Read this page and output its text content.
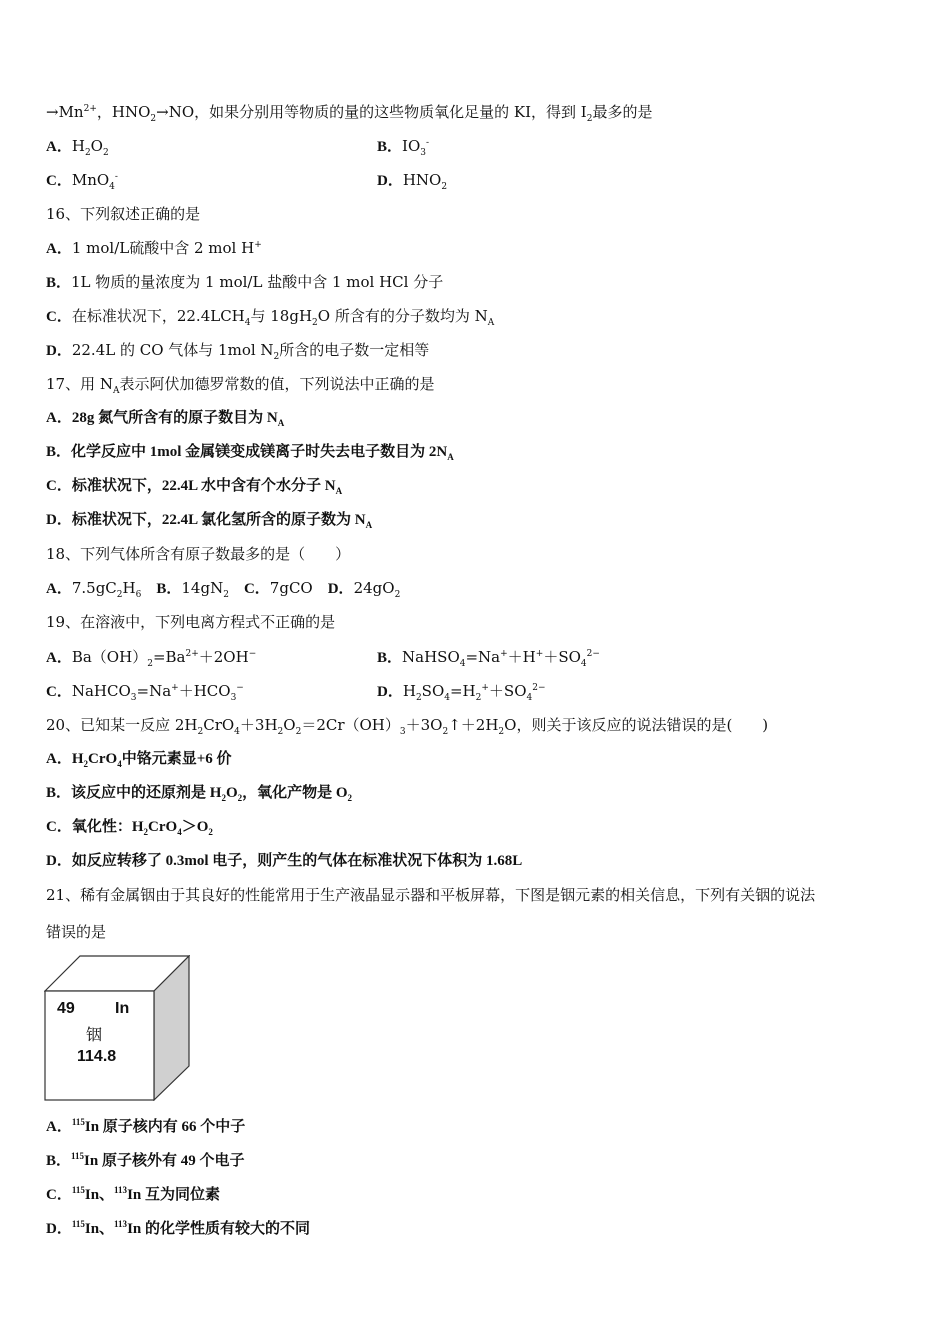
$\to Mn^{2+}$，$HNO_2\to NO$，如果分别用等物质的量的这些物质氧化足量的 KI，得到 $I_2$最多的是
A．$H_2O_2$	B．$IO_3^-$
C．MnO$_4$-	D．$HNO_2$
16、下列叙述正确的是
A．1 mol/L硫酸中含 2 mol H+
B．1L 物质的量浓度为 1 mol/L 盐酸中含 1 mol HCl 分子
C．在标准状况下，$22.4LCH_4$与 $18gH_2O$ 所含有的分子数均为 $N_A$
D．22.4L 的 CO 气体与 1mol $N_2$所含的电子数一定相等
17、用 $N_A$表示阿伏加德罗常数的值，下列说法中正确的是
A．28g 氮气所含有的原子数目为 $N_A$
B．化学反应中 1mol 金属镁变成镁离子时失去电子数目为 $2N_A$
C．标准状况下，22.4L 水中含有个水分子 $N_A$
D．标准状况下，22.4L 氯化氢所含的原子数为 $N_A$
18、下列气体所含有原子数最多的是（　　）
A．$7.5gC_2H_6$　 B．$14gN_2$　 C．7gCO　D．$24gO_2$
19、在溶液中，下列电离方程式不正确的是
A．$Ba(OH)_2=Ba^{2+}+2OH^-$	B．$NaHSO_4=Na^++H^++SO_4^{2-}$
C．$NaHCO_3=Na^++HCO_3^-$	D．$H_2SO_4=H_2^++SO_4^{2-}$
20、已知某一反应 $2H_2CrO_4+3H_2O_2=2Cr(OH)_3+3O_2↑+2H_2O$，则关于该反应的说法错误的是(　　)
A．$H_2CrO_4$中铬元素显+6 价
B．该反应中的还原剂是 $H_2O_2$，氧化产物是 $O_2$
C．氧化性：$H_2CrO_4>O_2$
D．如反应转移了 0.3mol 电子，则产生的气体在标准状况下体积为 1.68L
21、稀有金属铟由于其良好的性能常用于生产液晶显示器和平板屏幕，下图是铟元素的相关信息，下列有关铟的说法
错误的是
A．$^{115}$In 原子核内有 66 个中子
B．$^{115}$In 原子核外有 49 个电子
C．$^{115}$In、$^{113}$In 互为同位素
D．$^{115}$In、$^{113}$In 的化学性质有较大的不同
49	In
铟
114.8
